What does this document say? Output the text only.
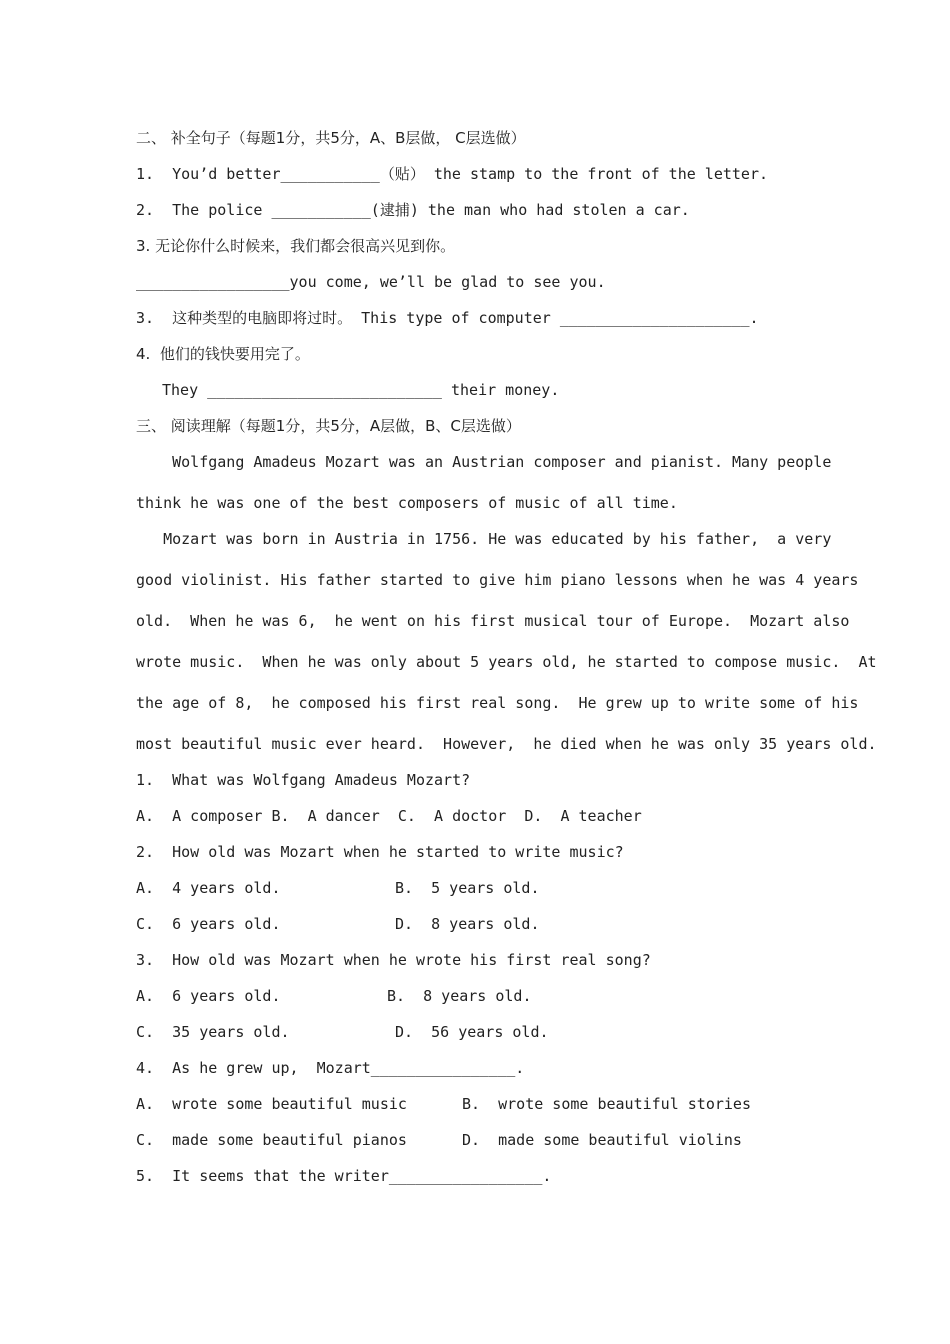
二、 补全句子（每题1分，共5分，A、B层做， C层选做）

1.  You’d better___________（贴） the stamp to the front of the letter.

2.  The police ___________(逮捕) the man who had stolen a car.

3. 无论你什么时候来，我们都会很高兴见到你。

_________________you come, we’ll be glad to see you.

3.  这种类型的电脑即将过时。 This type of computer _____________________.

4.  他们的钱快要用完了。

They __________________________ their money.

三、 阅读理解（每题1分，共5分，A层做，B、C层选做）

Wolfgang Amadeus Mozart was an Austrian composer and pianist. Many people

think he was one of the best composers of music of all time.

Mozart was born in Austria in 1756. He was educated by his father,  a very

good violinist. His father started to give him piano lessons when he was 4 years

old.  When he was 6,  he went on his first musical tour of Europe.  Mozart also

wrote music.  When he was only about 5 years old, he started to compose music.  At

the age of 8,  he composed his first real song.  He grew up to write some of his

most beautiful music ever heard.  However,  he died when he was only 35 years old.

1.  What was Wolfgang Amadeus Mozart?

A.  A composer B.  A dancer  C.  A doctor  D.  A teacher

2.  How old was Mozart when he started to write music?

A.  4 years old.	B.  5 years old.

C.  6 years old.	D.  8 years old.

3.  How old was Mozart when he wrote his first real song?

A.  6 years old.	B.  8 years old.

C.  35 years old.	D.  56 years old.

4.  As he grew up,  Mozart________________.

A.  wrote some beautiful music	B.  wrote some beautiful stories

C.  made some beautiful pianos	D.  made some beautiful violins

5.  It seems that the writer_________________.
